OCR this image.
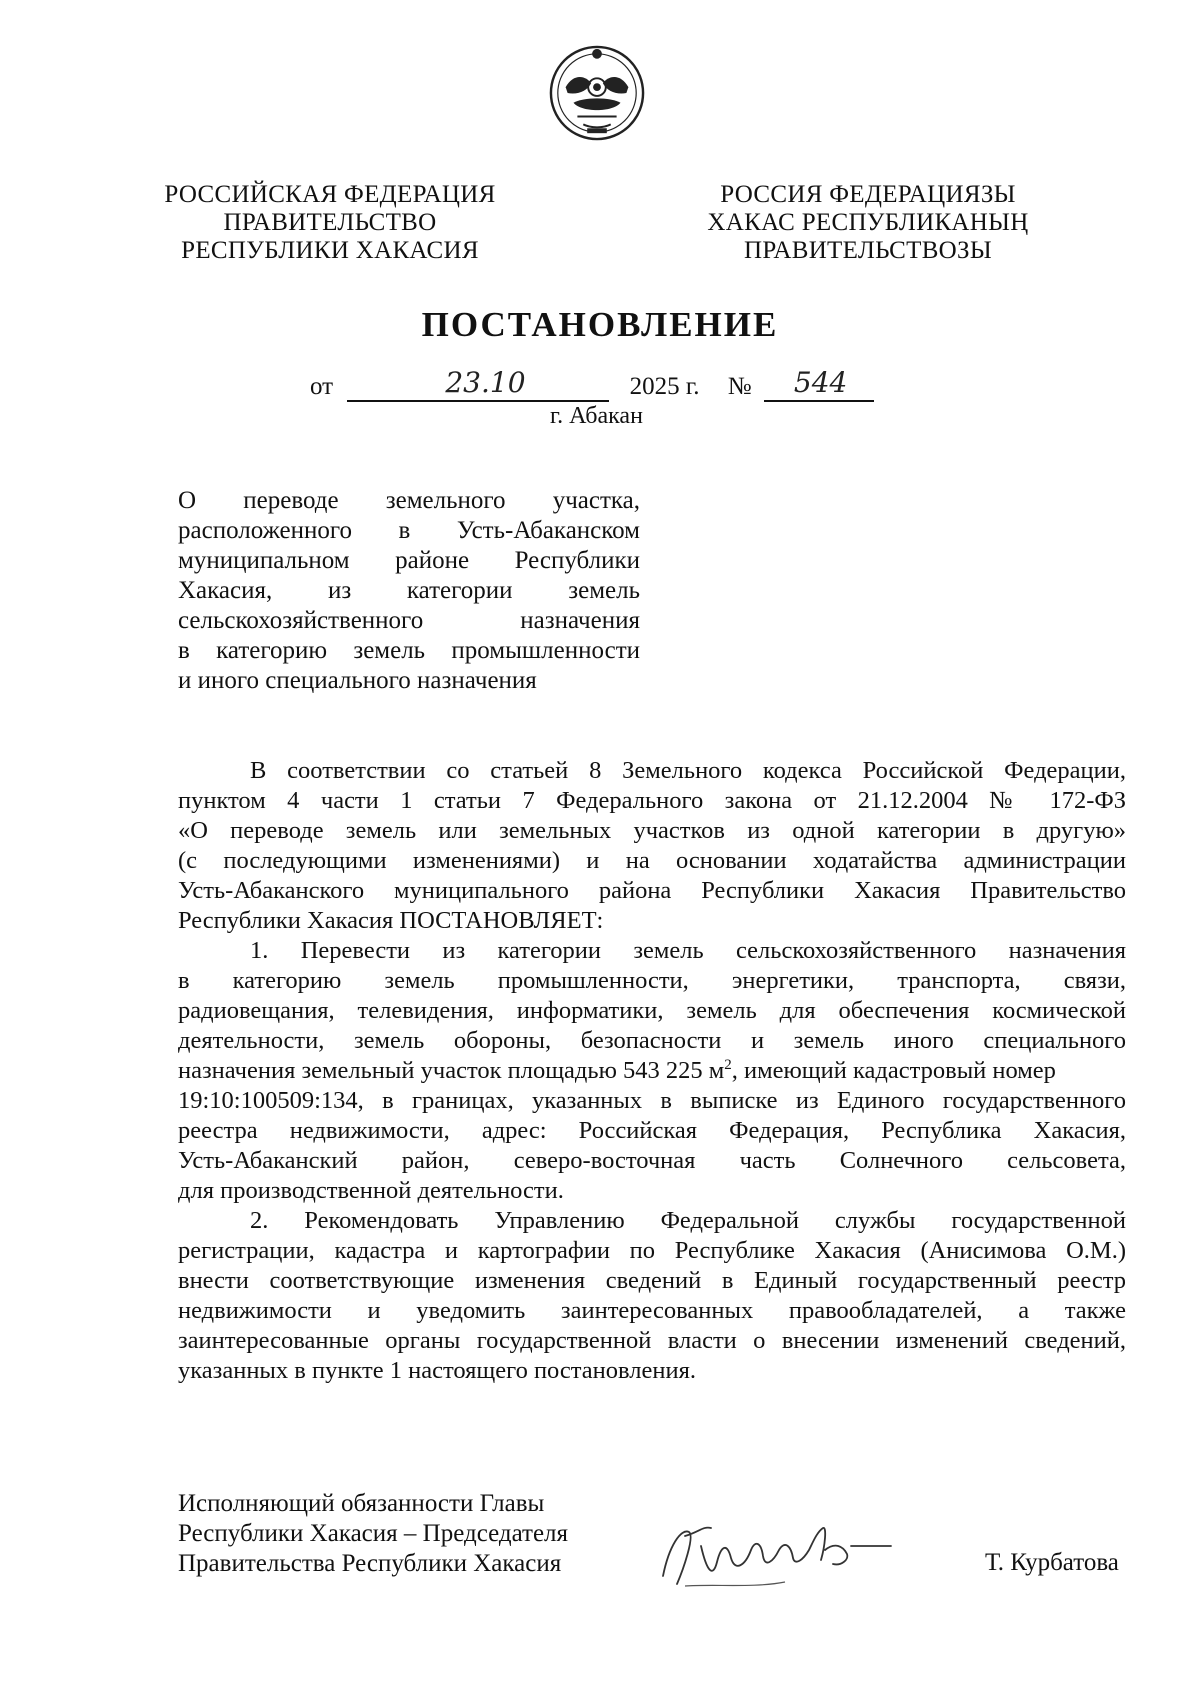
РОССИЙСКАЯ ФЕДЕРАЦИЯ
ПРАВИТЕЛЬСТВО
РЕСПУБЛИКИ ХАКАСИЯ
РОССИЯ ФЕДЕРАЦИЯЗЫ
ХАКАС РЕСПУБЛИКАНЫҢ
ПРАВИТЕЛЬСТВОЗЫ
ПОСТАНОВЛЕНИЕ
от	23.10	2025 г. № 544
г. Абакан
О переводе земельного участка,
расположенного в Усть-Абаканском
муниципальном районе Республики
Хакасия, из категории земель
сельскохозяйственного назначения
в категорию земель промышленности
и иного специального назначения
В соответствии со статьей 8 Земельного кодекса Российской Федерации,
пунктом 4 части 1 статьи 7 Федерального закона от 21.12.2004 № 172-ФЗ
«О переводе земель или земельных участков из одной категории в другую»
(с последующими изменениями) и на основании ходатайства администрации
Усть-Абаканского муниципального района Республики Хакасия Правительство
Республики Хакасия ПОСТАНОВЛЯЕТ:
1. Перевести из категории земель сельскохозяйственного назначения
в категорию земель промышленности, энергетики, транспорта, связи,
радиовещания, телевидения, информатики, земель для обеспечения космической
деятельности, земель обороны, безопасности и земель иного специального
назначения земельный участок площадью 543 225 $м^2$, имеющий кадастровый номер
19:10:100509:134, в границах, указанных в выписке из Единого государственного
реестра недвижимости, адрес: Российская Федерация, Республика Хакасия,
Усть-Абаканский район, северо-восточная часть Солнечного сельсовета,
для производственной деятельности.
2. Рекомендовать Управлению Федеральной службы государственной
регистрации, кадастра и картографии по Республике Хакасия (Анисимова О.М.)
внести соответствующие изменения сведений в Единый государственный реестр
недвижимости и уведомить заинтересованных правообладателей, а также
заинтересованные органы государственной власти о внесении изменений сведений,
указанных в пункте 1 настоящего постановления.
Исполняющий обязанности Главы
Республики Хакасия – Председателя
Правительства Республики Хакасия	Т. Курбатова
